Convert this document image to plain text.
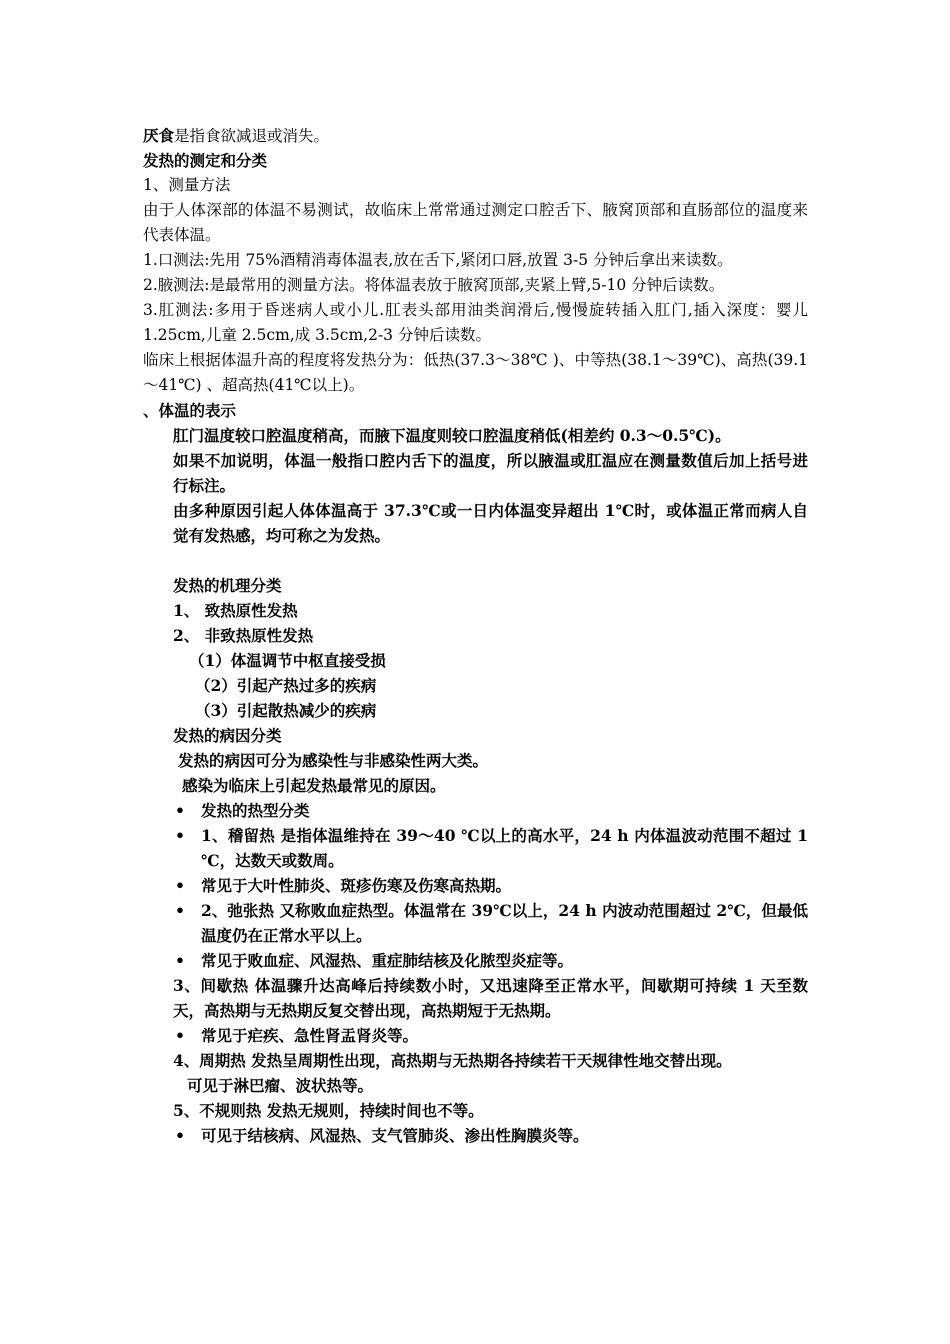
厌食是指食欲减退或消失。
发热的测定和分类
1、测量方法
由于人体深部的体温不易测试，故临床上常常通过测定口腔舌下、腋窝顶部和直肠部位的温度来代表体温。
1.口测法:先用 75%酒精消毒体温表,放在舌下,紧闭口唇,放置 3-5 分钟后拿出来读数。
2.腋测法:是最常用的测量方法。将体温表放于腋窝顶部,夹紧上臂,5-10 分钟后读数。
3.肛测法:多用于昏迷病人或小儿.肛表头部用油类润滑后,慢慢旋转插入肛门,插入深度：婴儿 1.25cm,儿童 2.5cm,成 3.5cm,2-3 分钟后读数。
临床上根据体温升高的程度将发热分为：低热(37.3～38℃ )、中等热(38.1～39℃)、高热(39.1～41℃) 、超高热(41℃以上)。
、体温的表示
肛门温度较口腔温度稍高，而腋下温度则较口腔温度稍低(相差约 0.3～0.5℃)。
如果不加说明，体温一般指口腔内舌下的温度，所以腋温或肛温应在测量数值后加上括号进行标注。
由多种原因引起人体体温高于 37.3℃或一日内体温变异超出 1℃时，或体温正常而病人自觉有发热感，均可称之为发热。
发热的机理分类
1、 致热原性发热
2、 非致热原性发热
（1）体温调节中枢直接受损
（2）引起产热过多的疾病
（3）引起散热减少的疾病
发热的病因分类
发热的病因可分为感染性与非感染性两大类。
感染为临床上引起发热最常见的原因。
• 发热的热型分类
• 1、稽留热 是指体温维持在 39～40 ℃以上的高水平，24 h 内体温波动范围不超过 1 ℃，达数天或数周。
• 常见于大叶性肺炎、斑疹伤寒及伤寒高热期。
• 2、弛张热 又称败血症热型。体温常在 39℃以上，24 h 内波动范围超过 2℃，但最低温度仍在正常水平以上。
• 常见于败血症、风湿热、重症肺结核及化脓型炎症等。
3、间歇热 体温骤升达高峰后持续数小时，又迅速降至正常水平，间歇期可持续 1 天至数天，高热期与无热期反复交替出现，高热期短于无热期。
• 常见于疟疾、急性肾盂肾炎等。
4、周期热 发热呈周期性出现，高热期与无热期各持续若干天规律性地交替出现。
可见于淋巴瘤、波状热等。
5、不规则热 发热无规则，持续时间也不等。
• 可见于结核病、风湿热、支气管肺炎、渗出性胸膜炎等。
